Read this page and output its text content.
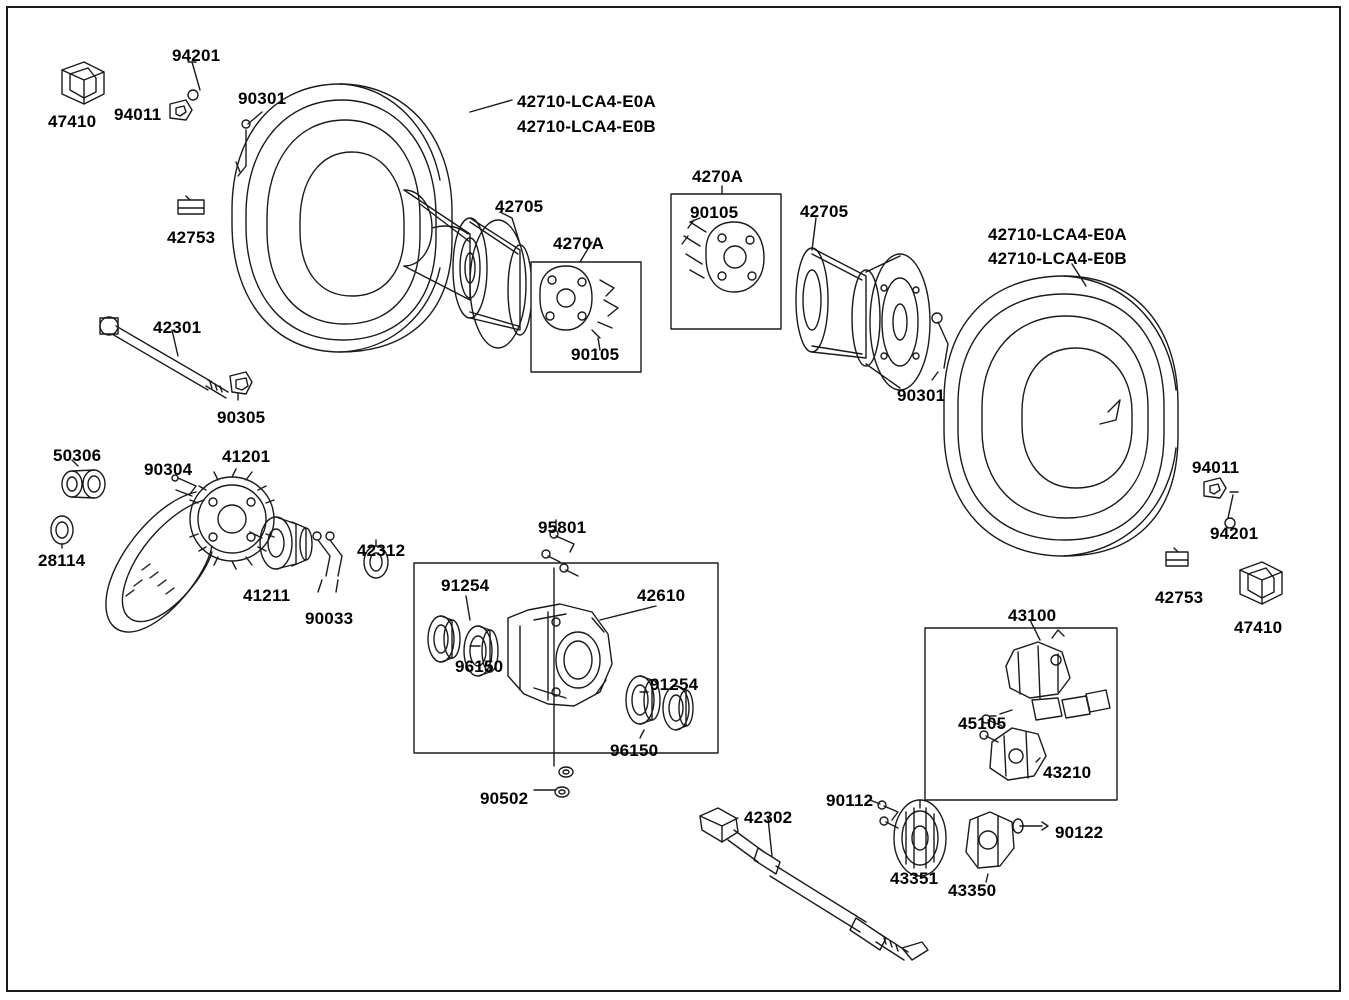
94201
47410 94011
90301	42710-LCA4-E0A
42710-LCA4-E0B
42753
42705
4270A
90105
4270A
90105	42705
42710-LCA4-E0A
42710-LCA4-E0B
90301
94011
94201
42753
47410
42301
90305
50306
28114
90304
41201
41211
90033
42312
95801
91254
42610
96150
91254
96150
90502
43100
45105
43210
42302
90112
90122
43351
43350
